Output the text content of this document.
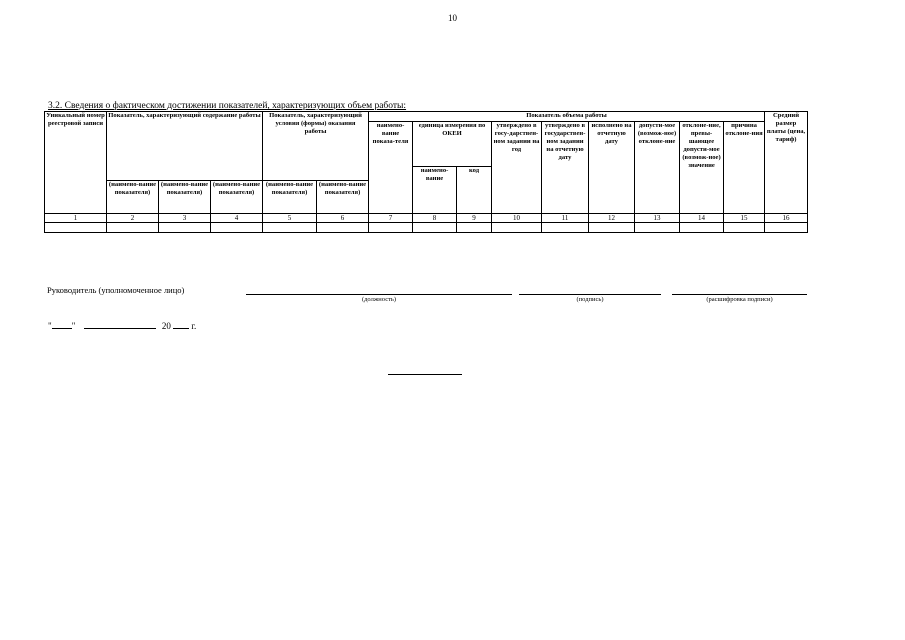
10
3.2. Сведения о фактическом достижении показателей, характеризующих объем работы:
Уникальный номер реестровой записи	Показатель, характеризующий содержание работы			Показатель, характеризующий условия (формы) оказания работы		Показатель объема работы									Средний размер платы (цена, тариф)
						наимено-вание показа-теля	единица измерения по ОКЕИ		утверждено в госу-дарствен-ном задании на год	утверждено в государствен-ном задании на отчетную дату	исполнено на отчетную дату	допусти-мое (возмож-ное) отклоне-ние	отклоне-ние, превы-шающее допусти-мое (возмож-ное) значение	причина отклоне-ния	
							наимено-вание	код							
	(наимено-вание показателя)	(наимено-вание показателя)	(наимено-вание показателя)	(наимено-вание показателя)	(наимено-вание показателя)										
1	2	3	4	5	6	7	8	9	10	11	12	13	14	15	16

Руководитель (уполномоченное лицо)
(должность)	(подпись)	(расшифровка подписи)
" "	20 г.
